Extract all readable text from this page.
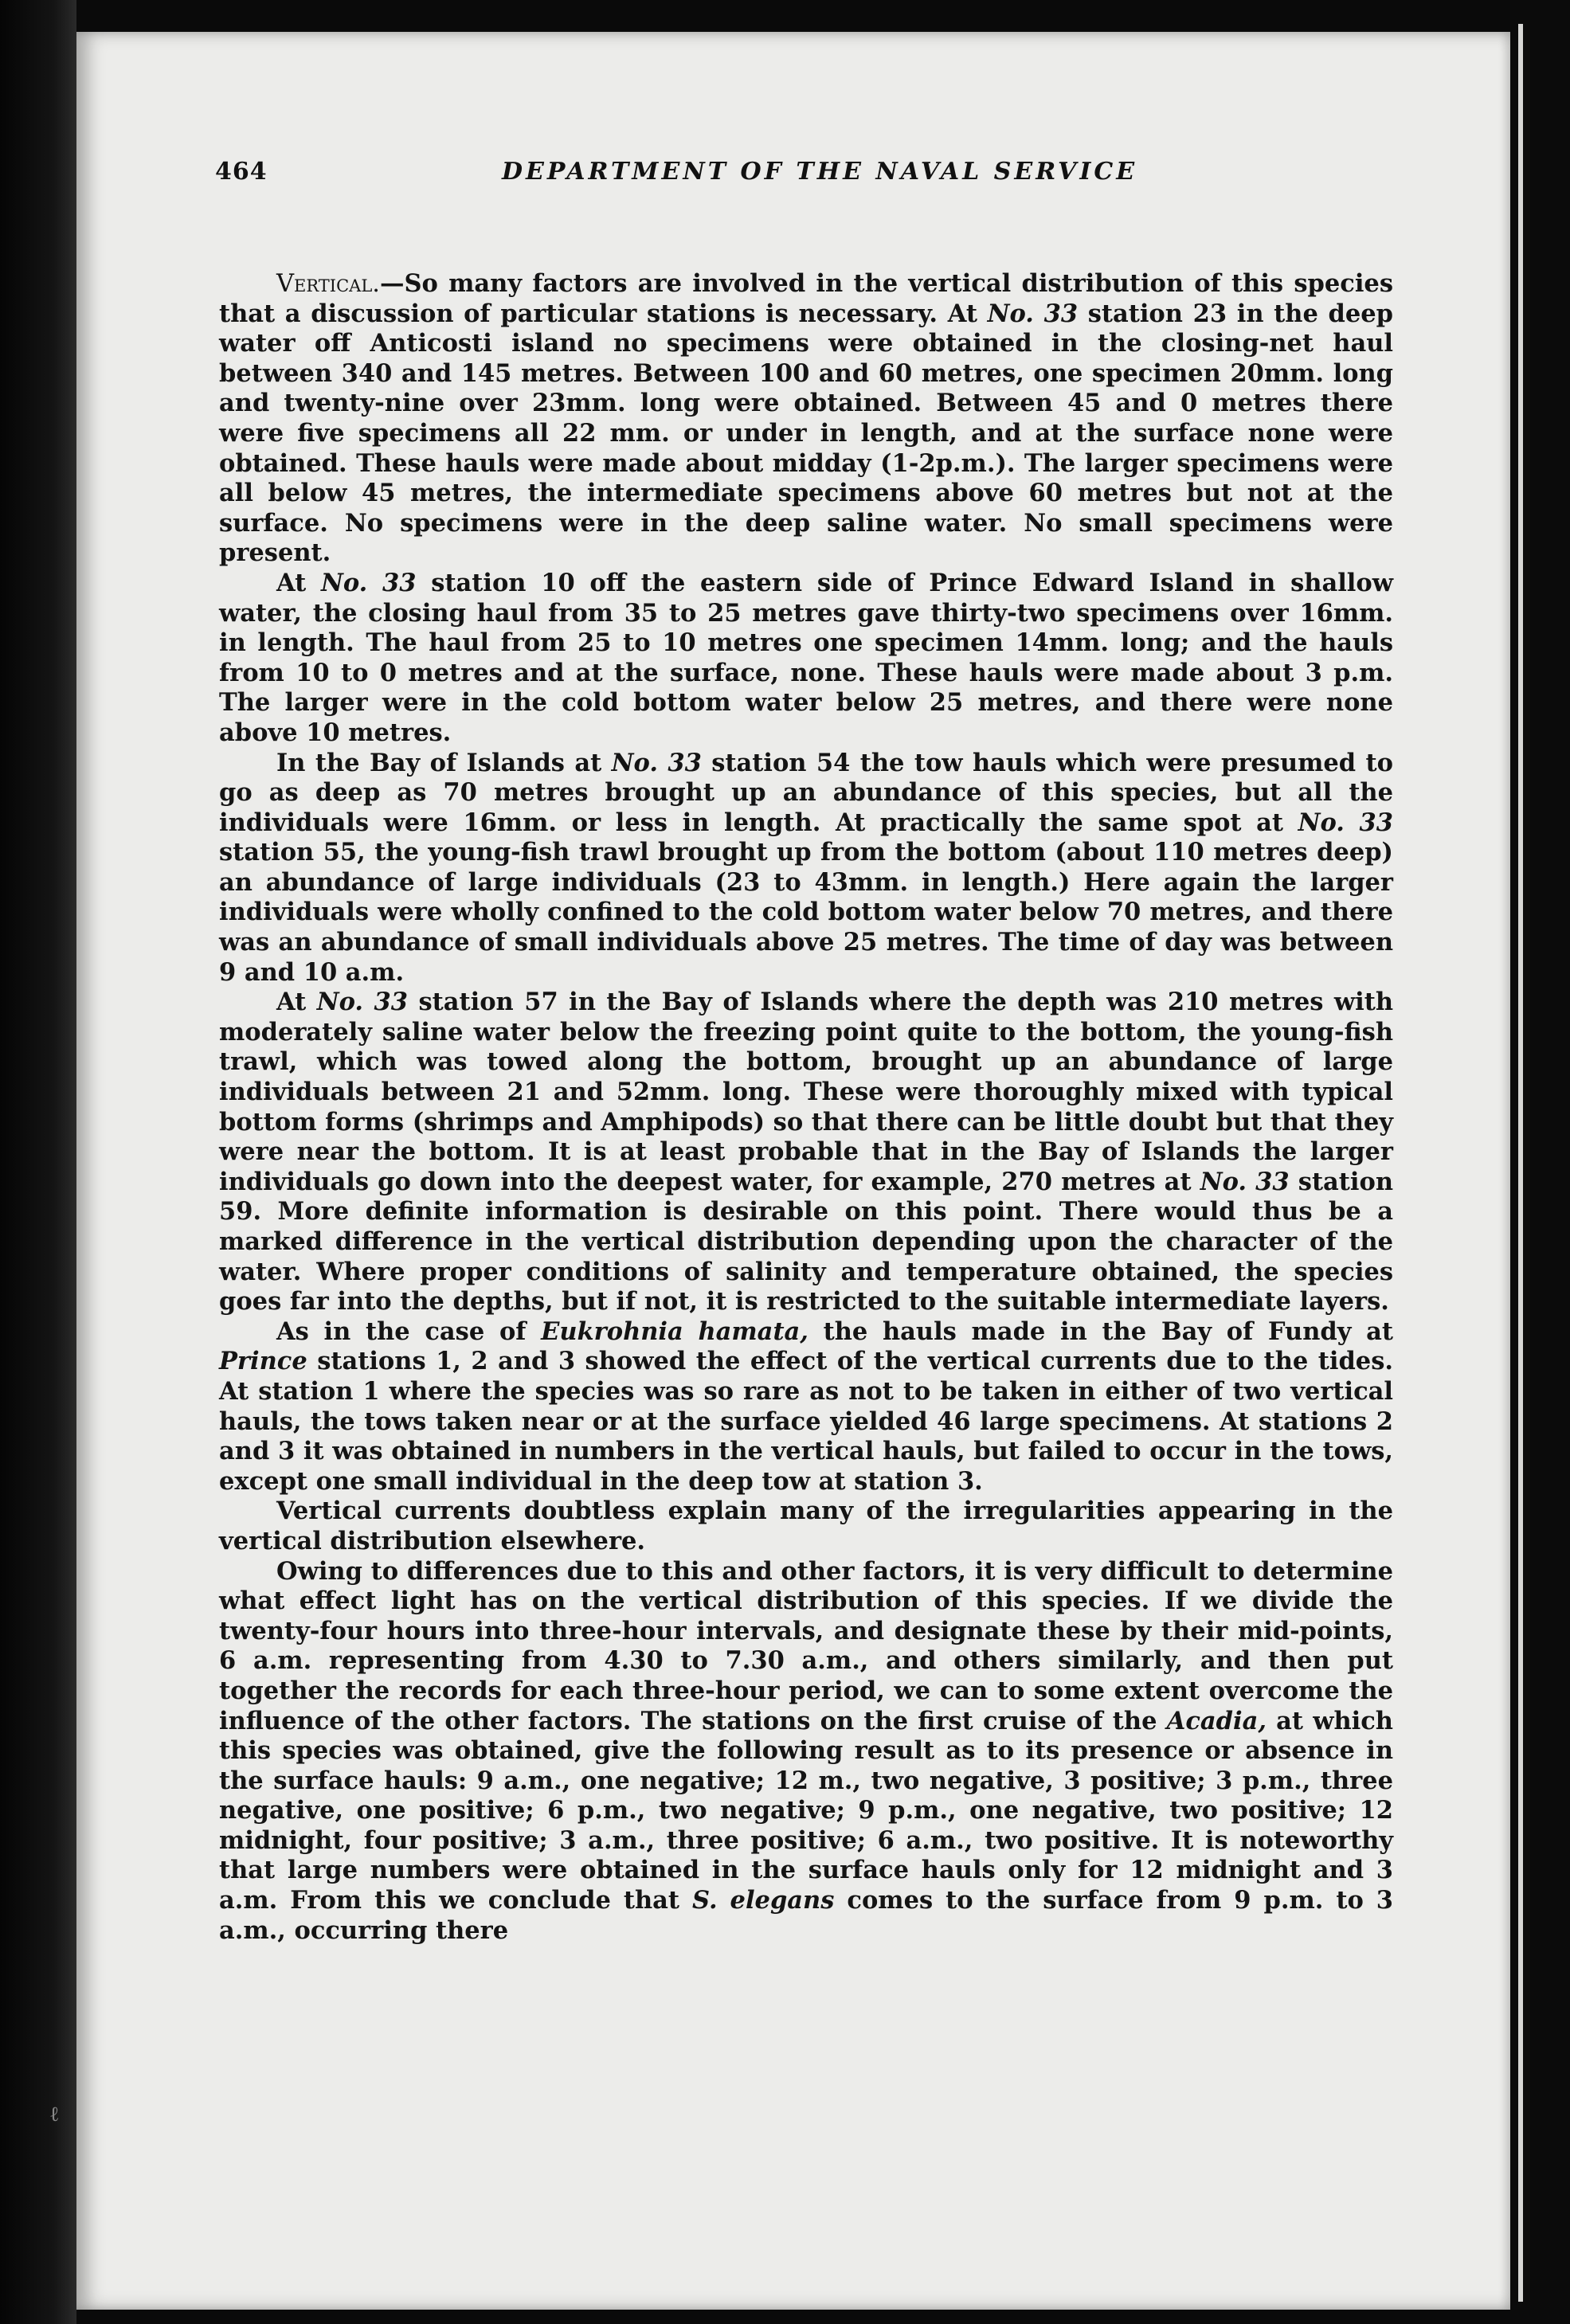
464	DEPARTMENT OF THE NAVAL SERVICE

Vertical.—So many factors are involved in the vertical distribution of this species that a discussion of particular stations is necessary. At No. 33 station 23 in the deep water off Anticosti island no specimens were obtained in the closing-net haul between 340 and 145 metres. Between 100 and 60 metres, one specimen 20mm. long and twenty-nine over 23mm. long were obtained. Between 45 and 0 metres there were five specimens all 22 mm. or under in length, and at the surface none were obtained. These hauls were made about midday (1-2p.m.). The larger specimens were all below 45 metres, the intermediate specimens above 60 metres but not at the surface. No specimens were in the deep saline water. No small specimens were present.

At No. 33 station 10 off the eastern side of Prince Edward Island in shallow water, the closing haul from 35 to 25 metres gave thirty-two specimens over 16mm. in length. The haul from 25 to 10 metres one specimen 14mm. long; and the hauls from 10 to 0 metres and at the surface, none. These hauls were made about 3 p.m. The larger were in the cold bottom water below 25 metres, and there were none above 10 metres.

In the Bay of Islands at No. 33 station 54 the tow hauls which were presumed to go as deep as 70 metres brought up an abundance of this species, but all the individuals were 16mm. or less in length. At practically the same spot at No. 33 station 55, the young-fish trawl brought up from the bottom (about 110 metres deep) an abundance of large individuals (23 to 43mm. in length.) Here again the larger individuals were wholly confined to the cold bottom water below 70 metres, and there was an abundance of small individuals above 25 metres. The time of day was between 9 and 10 a.m.

At No. 33 station 57 in the Bay of Islands where the depth was 210 metres with moderately saline water below the freezing point quite to the bottom, the young-fish trawl, which was towed along the bottom, brought up an abundance of large individuals between 21 and 52mm. long. These were thoroughly mixed with typical bottom forms (shrimps and Amphipods) so that there can be little doubt but that they were near the bottom. It is at least probable that in the Bay of Islands the larger individuals go down into the deepest water, for example, 270 metres at No. 33 station 59. More definite information is desirable on this point. There would thus be a marked difference in the vertical distribution depending upon the character of the water. Where proper conditions of salinity and temperature obtained, the species goes far into the depths, but if not, it is restricted to the suitable intermediate layers.

As in the case of Eukrohnia hamata, the hauls made in the Bay of Fundy at Prince stations 1, 2 and 3 showed the effect of the vertical currents due to the tides. At station 1 where the species was so rare as not to be taken in either of two vertical hauls, the tows taken near or at the surface yielded 46 large specimens. At stations 2 and 3 it was obtained in numbers in the vertical hauls, but failed to occur in the tows, except one small individual in the deep tow at station 3.

Vertical currents doubtless explain many of the irregularities appearing in the vertical distribution elsewhere.

Owing to differences due to this and other factors, it is very difficult to determine what effect light has on the vertical distribution of this species. If we divide the twenty-four hours into three-hour intervals, and designate these by their mid-points, 6 a.m. representing from 4.30 to 7.30 a.m., and others similarly, and then put together the records for each three-hour period, we can to some extent overcome the influence of the other factors. The stations on the first cruise of the Acadia, at which this species was obtained, give the following result as to its presence or absence in the surface hauls: 9 a.m., one negative; 12 m., two negative, 3 positive; 3 p.m., three negative, one positive; 6 p.m., two negative; 9 p.m., one negative, two positive; 12 midnight, four positive; 3 a.m., three positive; 6 a.m., two positive. It is noteworthy that large numbers were obtained in the surface hauls only for 12 midnight and 3 a.m. From this we conclude that S. elegans comes to the surface from 9 p.m. to 3 a.m., occurring there

ℓ
